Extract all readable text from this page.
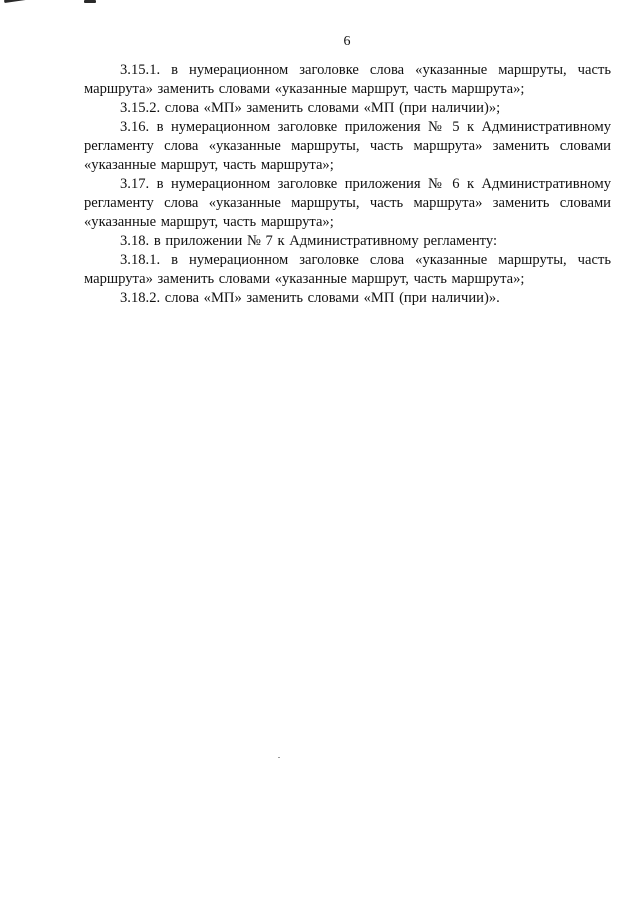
6

3.15.1. в нумерационном заголовке слова «указанные маршруты, часть маршрута» заменить словами «указанные маршрут, часть маршрута»;

3.15.2. слова «МП» заменить словами «МП (при наличии)»;

3.16. в нумерационном заголовке приложения № 5 к Административному регламенту слова «указанные маршруты, часть маршрута» заменить словами «указанные маршрут, часть маршрута»;

3.17. в нумерационном заголовке приложения № 6 к Административному регламенту слова «указанные маршруты, часть маршрута» заменить словами «указанные маршрут, часть маршрута»;

3.18. в приложении № 7 к Административному регламенту:

3.18.1. в нумерационном заголовке слова «указанные маршруты, часть маршрута» заменить словами «указанные маршрут, часть маршрута»;

3.18.2. слова «МП» заменить словами «МП (при наличии)».
